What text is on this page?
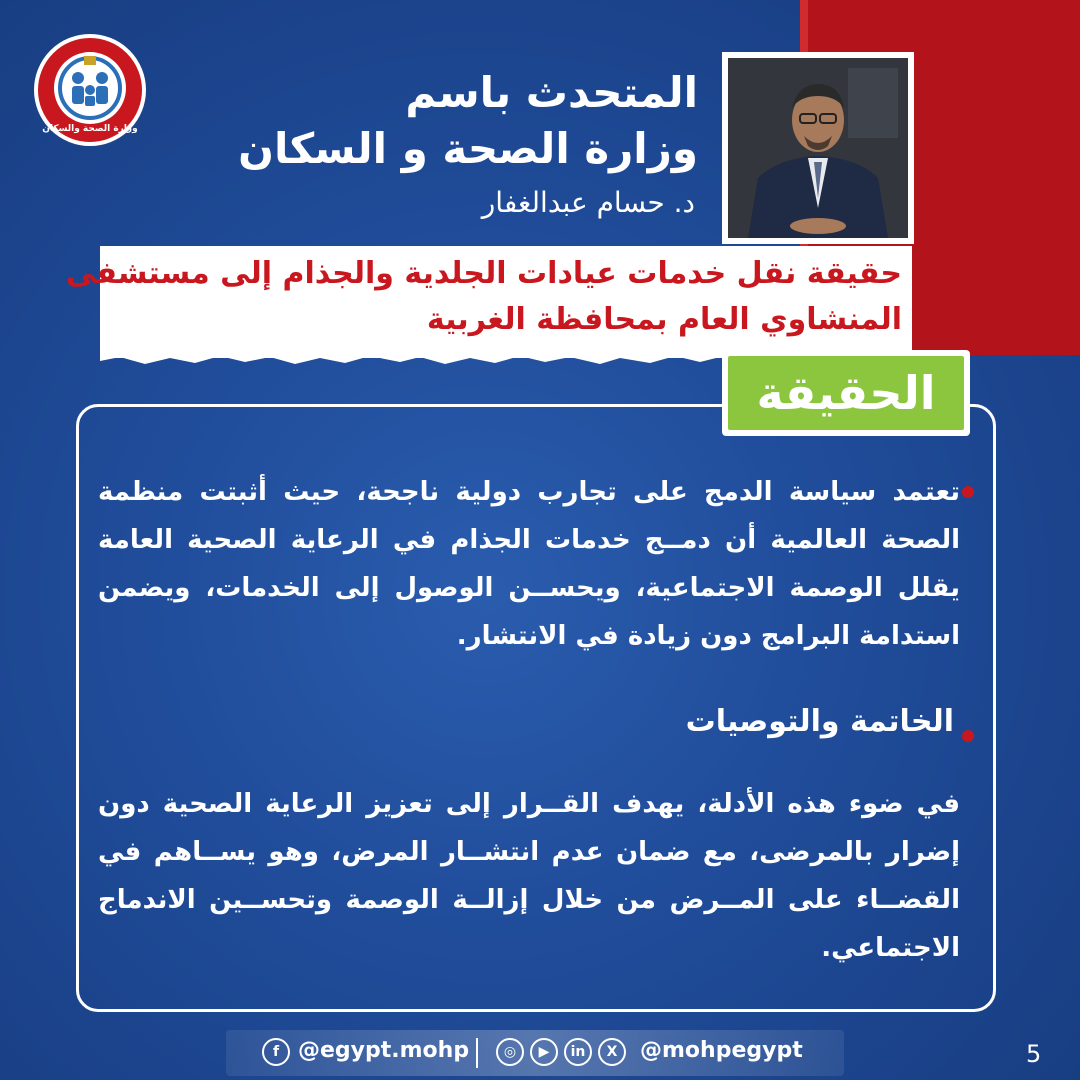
وزارة الصحة والسكان
المتحدث باسم
وزارة الصحة و السكان
د. حسام عبدالغفار
حقيقة نقل خدمات عيادات الجلدية والجذام إلى مستشفى
المنشاوي العام بمحافظة الغربية
الحقيقة
تعتمد سياسة الدمج على تجارب دولية ناجحة، حيث أثبتت منظمة الصحة العالمية أن دمــج خدمات الجذام في الرعاية الصحية العامة يقلل الوصمة الاجتماعية، ويحســن الوصول إلى الخدمات، ويضمن استدامة البرامج دون زيادة في الانتشار.
الخاتمة والتوصيات
في ضوء هذه الأدلة، يهدف القــرار إلى تعزيز الرعاية الصحية دون إضرار بالمرضى، مع ضمان عدم انتشــار المرض، وهو يســاهم في القضــاء على المــرض من خلال إزالــة الوصمة وتحســين الاندماج الاجتماعي.
f @egypt.mohp	◎	▶	in	X	@mohpegypt	5
